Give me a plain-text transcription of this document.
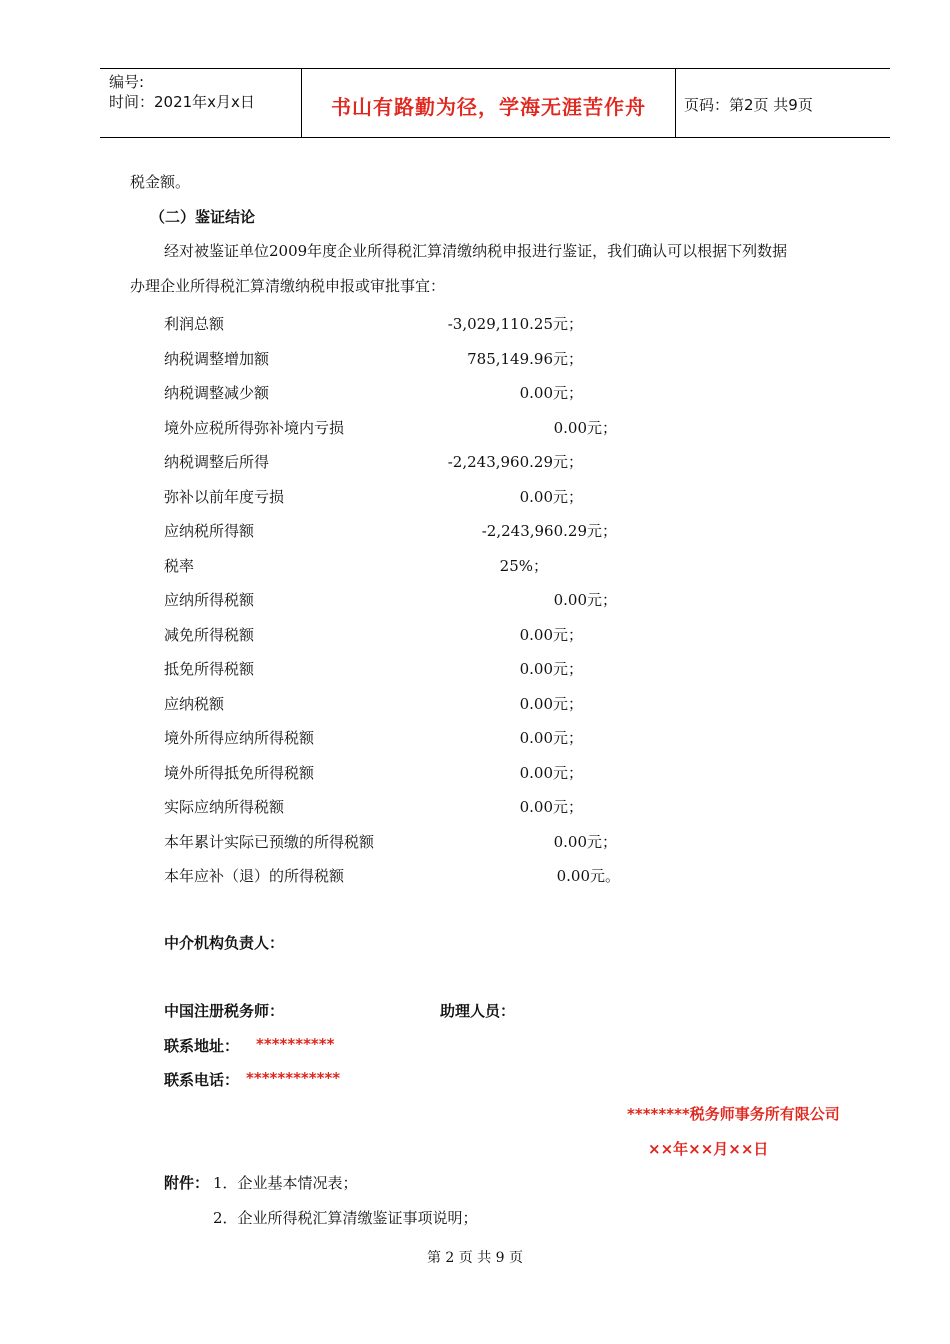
编号:
时间：2021年x月x日	书山有路勤为径，学海无涯苦作舟	页码：第2页 共9页
税金额。
（二）鉴证结论
经对被鉴证单位2009年度企业所得税汇算清缴纳税申报进行鉴证，我们确认可以根据下列数据
办理企业所得税汇算清缴纳税申报或审批事宜：
利润总额	-3,029,110.25元；
纳税调整增加额	785,149.96元；
纳税调整减少额	0.00元；
境外应税所得弥补境内亏损	0.00元；
纳税调整后所得	-2,243,960.29元；
弥补以前年度亏损	0.00元；
应纳税所得额	-2,243,960.29元；
税率	25%；
应纳所得税额	0.00元；
减免所得税额	0.00元；
抵免所得税额	0.00元；
应纳税额	0.00元；
境外所得应纳所得税额	0.00元；
境外所得抵免所得税额	0.00元；
实际应纳所得税额	0.00元；
本年累计实际已预缴的所得税额	0.00元；
本年应补（退）的所得税额	0.00元。
中介机构负责人：
中国注册税务师：	助理人员：
联系地址： **********
联系电话： ************
********税务师事务所有限公司
××年××月××日
附件： 1．企业基本情况表；
2．企业所得税汇算清缴鉴证事项说明；
第 2 页 共 9 页
